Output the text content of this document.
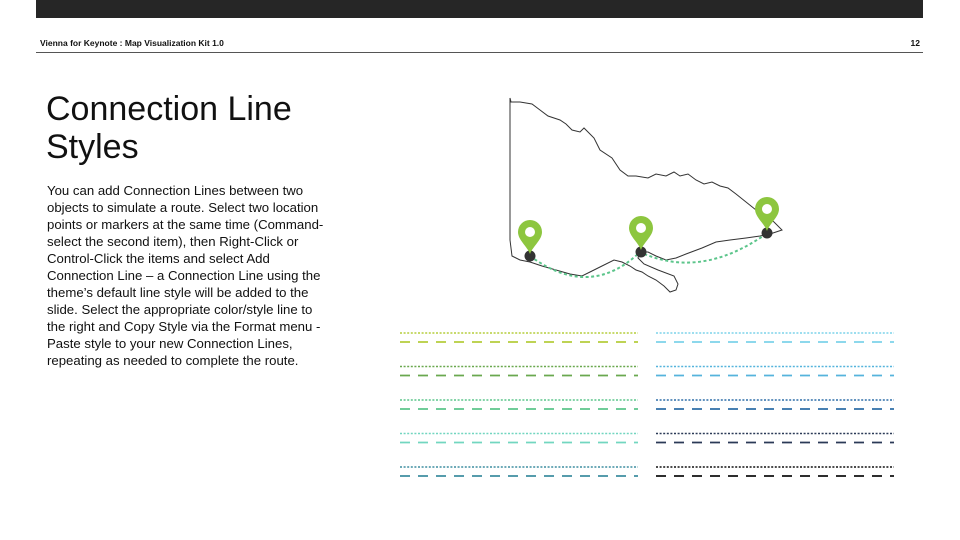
Vienna for Keynote : Map Visualization Kit 1.0	12
Connection Line Styles

You can add Connection Lines between two objects to simulate a route. Select two location points or markers at the same time (Command-select the second item), then Right-Click or Control-Click the items and select Add Connection Line – a Connection Line using the theme’s default line style will be added to the slide. Select the appropriate color/style line to the right and Copy Style via the Format menu - Paste style to your new Connection Lines, repeating as needed to complete the route.
